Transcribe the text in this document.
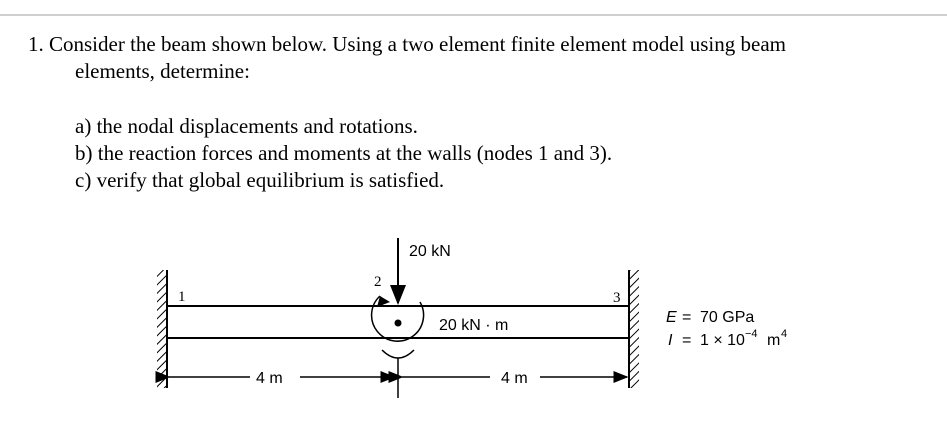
1. Consider the beam shown below. Using a two element finite element model using beam
elements, determine:
a) the nodal displacements and rotations.
b) the reaction forces and moments at the walls (nodes 1 and 3).
c) verify that global equilibrium is satisfied.
1
2
3
20 kN
20 kN · m
4 m	4 m
E = 70 GPa
I = 1 × 10 −4 m 4
